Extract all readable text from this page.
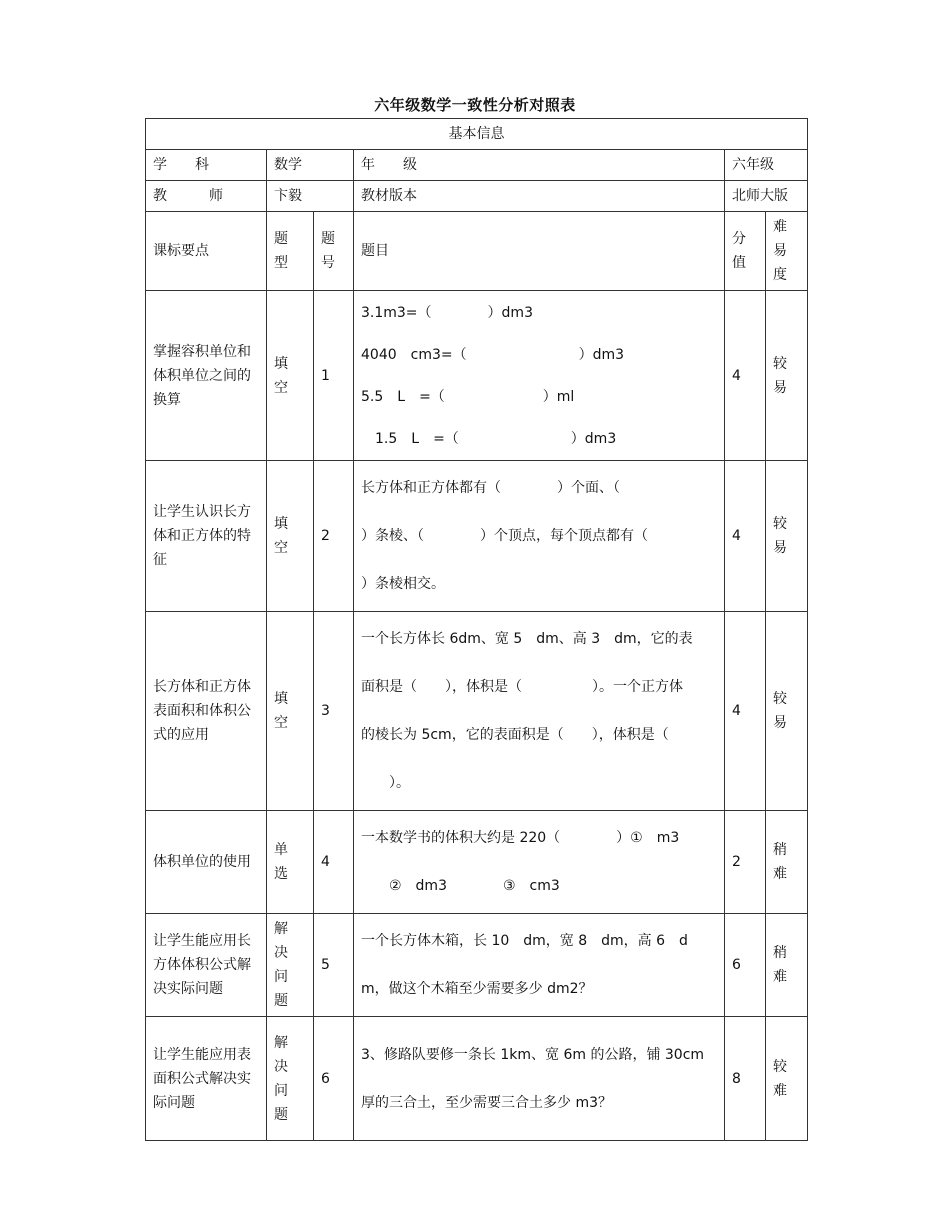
六年级数学一致性分析对照表
基本信息					
学　　科	数学		年　　级	六年级	
教　　　师	卞毅		教材版本	北师大版	
课标要点	题型	题号	题目	分值	难易度

掌握容积单位和体积单位之间的换算	填空	1	3.1m3=（　　　　）dm3

4040　cm3=（　　　　　　　　）dm3

5.5　L　=（　　　　　　　）ml

　1.5　L　=（　　　　　　　　）dm3	4	较易

让学生认识长方体和正方体的特征	填空	2	长方体和正方体都有（　　　　）个面、（

）条棱、（　　　　）个顶点，每个顶点都有（

）条棱相交。	4	较易

长方体和正方体表面积和体积公式的应用	填空	3	一个长方体长 6dm、宽 5　dm、高 3　dm，它的表

面积是（　　），体积是（　　　　　）。一个正方体

的棱长为 5cm，它的表面积是（　　），体积是（

　　）。	4	较易

体积单位的使用	单选	4	一本数学书的体积大约是 220（　　　　）①　m3

　　②　dm3　　　　③　cm3	2	稍难

让学生能应用长方体体积公式解决实际问题	解决问题	5	一个长方体木箱，长 10　dm，宽 8　dm，高 6　d

m，做这个木箱至少需要多少 dm2？	6	稍难

让学生能应用表面积公式解决实际问题	解决问题	6	3、修路队要修一条长 1km、宽 6m 的公路，铺 30cm

厚的三合土，至少需要三合土多少 m3？	8	较难
